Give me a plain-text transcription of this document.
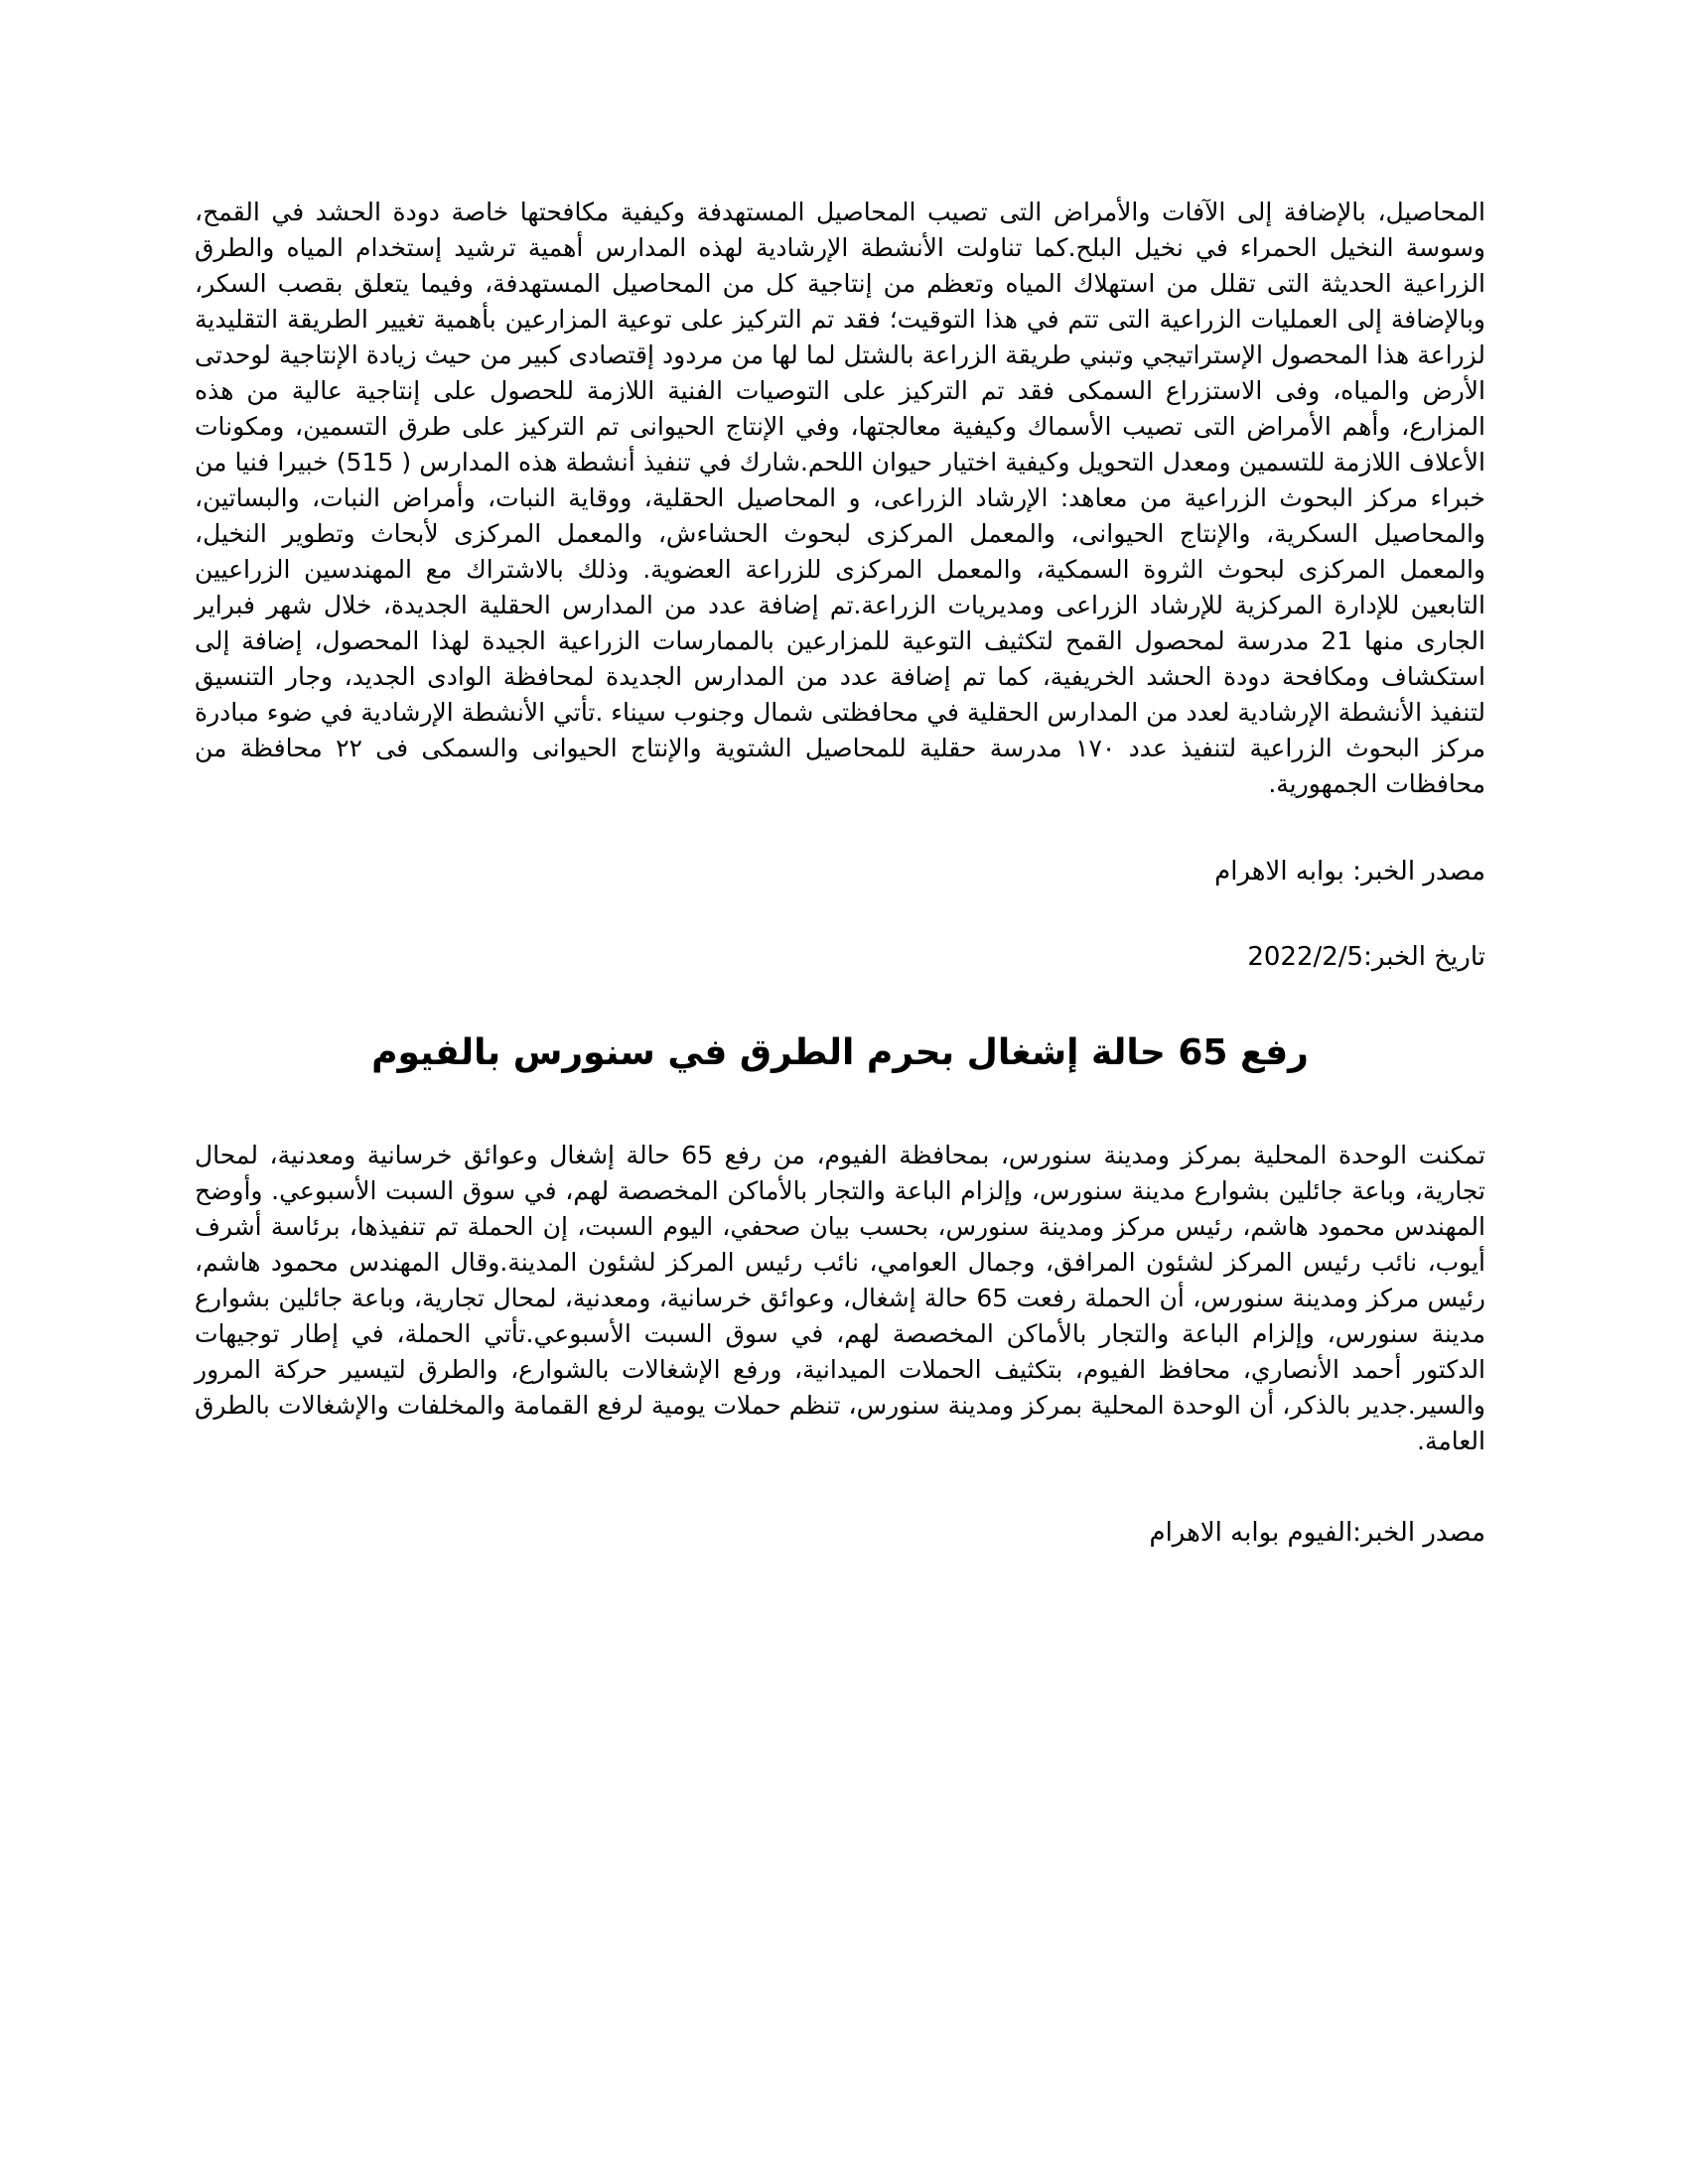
المحاصيل، بالإضافة إلى الآفات والأمراض التى تصيب المحاصيل المستهدفة وكيفية مكافحتها خاصة دودة الحشد في القمح، وسوسة النخيل الحمراء في نخيل البلح.كما تناولت الأنشطة الإرشادية لهذه المدارس أهمية ترشيد إستخدام المياه والطرق الزراعية الحديثة التى تقلل من استهلاك المياه وتعظم من إنتاجية كل من المحاصيل المستهدفة، وفيما يتعلق بقصب السكر، وبالإضافة إلى العمليات الزراعية التى تتم في هذا التوقيت؛ فقد تم التركيز على توعية المزارعين بأهمية تغيير الطريقة التقليدية لزراعة هذا المحصول الإستراتيجي وتبني طريقة الزراعة بالشتل لما لها من مردود إقتصادى كبير من حيث زيادة الإنتاجية لوحدتى الأرض والمياه، وفى الاستزراع السمكى فقد تم التركيز على التوصيات الفنية اللازمة للحصول على إنتاجية عالية من هذه المزارع، وأهم الأمراض التى تصيب الأسماك وكيفية معالجتها، وفي الإنتاج الحيوانى تم التركيز على طرق التسمين، ومكونات الأعلاف اللازمة للتسمين ومعدل التحويل وكيفية اختيار حيوان اللحم.شارك في تنفيذ أنشطة هذه المدارس ( 515) خبيرا فنيا من خبراء مركز البحوث الزراعية من معاهد: الإرشاد الزراعى، و المحاصيل الحقلية، ووقاية النبات، وأمراض النبات، والبساتين، والمحاصيل السكرية، والإنتاج الحيوانى، والمعمل المركزى لبحوث الحشاءش، والمعمل المركزى لأبحاث وتطوير النخيل، والمعمل المركزى لبحوث الثروة السمكية، والمعمل المركزى للزراعة العضوية. وذلك بالاشتراك مع المهندسين الزراعيين التابعين للإدارة المركزية للإرشاد الزراعى ومديريات الزراعة.تم إضافة عدد من المدارس الحقلية الجديدة، خلال شهر فبراير الجارى منها 21 مدرسة لمحصول القمح لتكثيف التوعية للمزارعين بالممارسات الزراعية الجيدة لهذا المحصول، إضافة إلى استكشاف ومكافحة دودة الحشد الخريفية، كما تم إضافة عدد من المدارس الجديدة لمحافظة الوادى الجديد، وجار التنسيق لتنفيذ الأنشطة الإرشادية لعدد من المدارس الحقلية في محافظتى شمال وجنوب سيناء .تأتي الأنشطة الإرشادية في ضوء مبادرة مركز البحوث الزراعية لتنفيذ عدد ١٧٠ مدرسة حقلية للمحاصيل الشتوية والإنتاج الحيوانى والسمكى فى ٢٢ محافظة من محافظات الجمهورية.

مصدر الخبر: بوابه الاهرام

تاريخ الخبر:2022/2/5

رفع 65 حالة إشغال بحرم الطرق في سنورس بالفيوم

تمكنت الوحدة المحلية بمركز ومدينة سنورس، بمحافظة الفيوم، من رفع 65 حالة إشغال وعوائق خرسانية ومعدنية، لمحال تجارية، وباعة جائلين بشوارع مدينة سنورس، وإلزام الباعة والتجار بالأماكن المخصصة لهم، في سوق السبت الأسبوعي. وأوضح المهندس محمود هاشم، رئيس مركز ومدينة سنورس، بحسب بيان صحفي، اليوم السبت، إن الحملة تم تنفيذها، برئاسة أشرف أيوب، نائب رئيس المركز لشئون المرافق، وجمال العوامي، نائب رئيس المركز لشئون المدينة.وقال المهندس محمود هاشم، رئيس مركز ومدينة سنورس، أن الحملة رفعت 65 حالة إشغال، وعوائق خرسانية، ومعدنية، لمحال تجارية، وباعة جائلين بشوارع مدينة سنورس، وإلزام الباعة والتجار بالأماكن المخصصة لهم، في سوق السبت الأسبوعي.تأتي الحملة، في إطار توجيهات الدكتور أحمد الأنصاري، محافظ الفيوم، بتكثيف الحملات الميدانية، ورفع الإشغالات بالشوارع، والطرق لتيسير حركة المرور والسير.جدير بالذكر، أن الوحدة المحلية بمركز ومدينة سنورس، تنظم حملات يومية لرفع القمامة والمخلفات والإشغالات بالطرق العامة.

مصدر الخبر:الفيوم بوابه الاهرام
